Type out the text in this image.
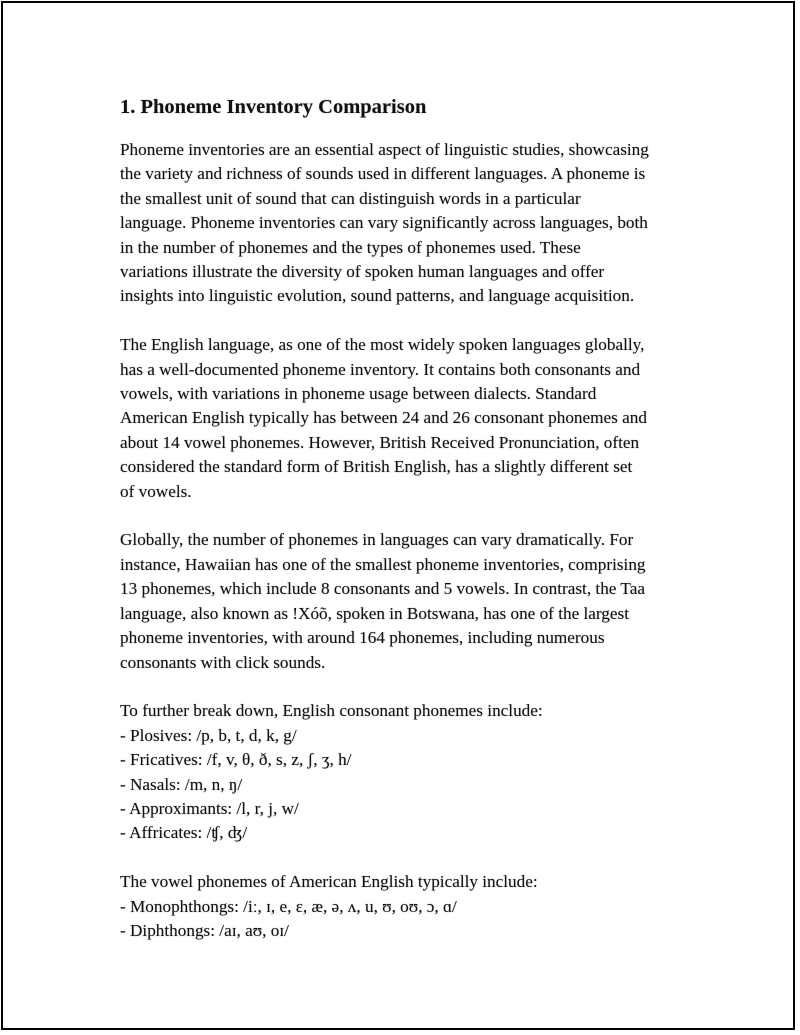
1. Phoneme Inventory Comparison

Phoneme inventories are an essential aspect of linguistic studies, showcasing
the variety and richness of sounds used in different languages. A phoneme is
the smallest unit of sound that can distinguish words in a particular
language. Phoneme inventories can vary significantly across languages, both
in the number of phonemes and the types of phonemes used. These
variations illustrate the diversity of spoken human languages and offer
insights into linguistic evolution, sound patterns, and language acquisition.

The English language, as one of the most widely spoken languages globally,
has a well-documented phoneme inventory. It contains both consonants and
vowels, with variations in phoneme usage between dialects. Standard
American English typically has between 24 and 26 consonant phonemes and
about 14 vowel phonemes. However, British Received Pronunciation, often
considered the standard form of British English, has a slightly different set
of vowels.

Globally, the number of phonemes in languages can vary dramatically. For
instance, Hawaiian has one of the smallest phoneme inventories, comprising
13 phonemes, which include 8 consonants and 5 vowels. In contrast, the Taa
language, also known as !Xóõ, spoken in Botswana, has one of the largest
phoneme inventories, with around 164 phonemes, including numerous
consonants with click sounds.

To further break down, English consonant phonemes include:
- Plosives: /p, b, t, d, k, g/
- Fricatives: /f, v, θ, ð, s, z, ʃ, ʒ, h/
- Nasals: /m, n, ŋ/
- Approximants: /l, r, j, w/
- Affricates: /ʧ, ʤ/

The vowel phonemes of American English typically include:
- Monophthongs: /iː, ɪ, e, ɛ, æ, ə, ʌ, u, ʊ, oʊ, ɔ, ɑ/
- Diphthongs: /aɪ, aʊ, oɪ/
